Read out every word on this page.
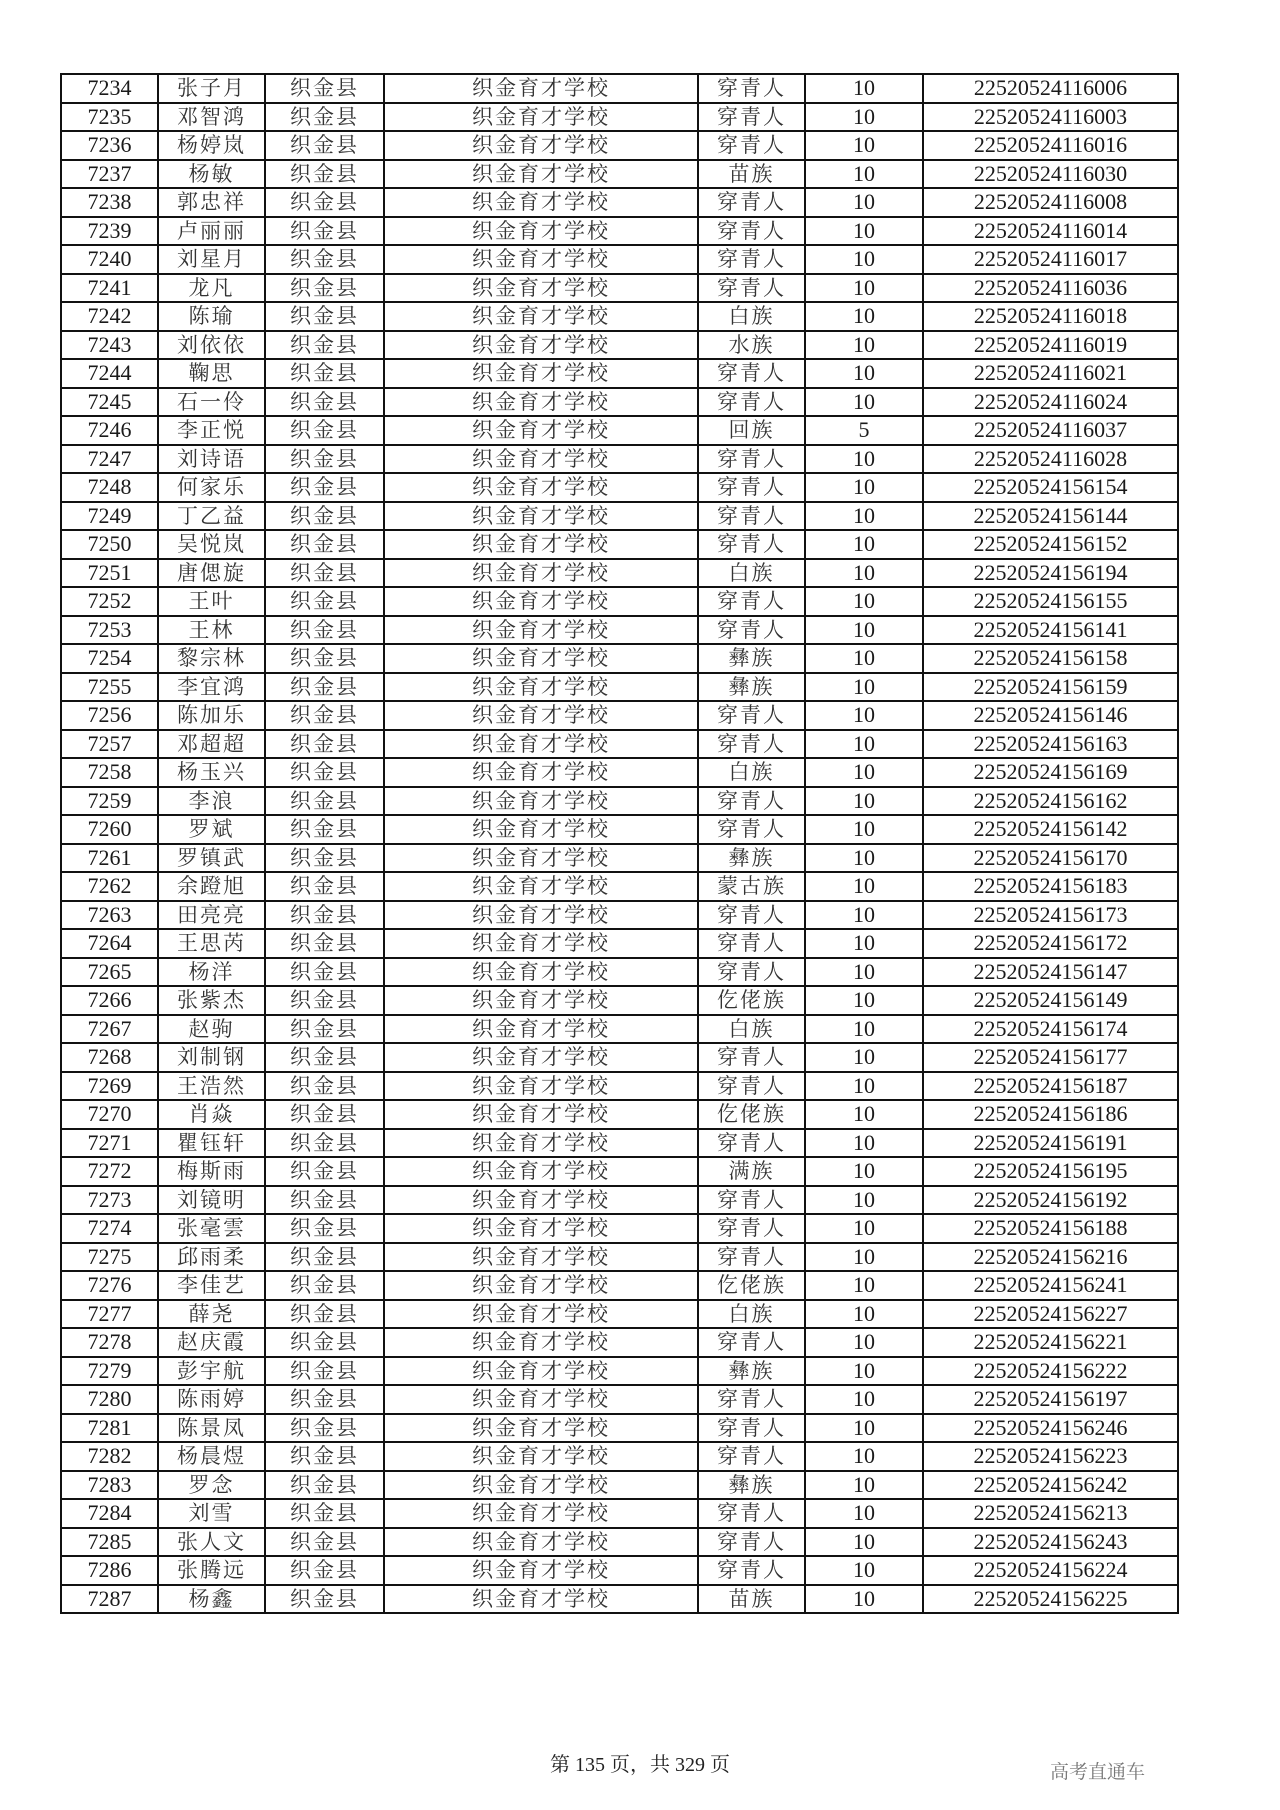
7234	张子月	织金县	织金育才学校	穿青人	10	22520524116006
7235	邓智鸿	织金县	织金育才学校	穿青人	10	22520524116003
7236	杨婷岚	织金县	织金育才学校	穿青人	10	22520524116016
7237	杨敏	织金县	织金育才学校	苗族	10	22520524116030
7238	郭忠祥	织金县	织金育才学校	穿青人	10	22520524116008
7239	卢丽丽	织金县	织金育才学校	穿青人	10	22520524116014
7240	刘星月	织金县	织金育才学校	穿青人	10	22520524116017
7241	龙凡	织金县	织金育才学校	穿青人	10	22520524116036
7242	陈瑜	织金县	织金育才学校	白族	10	22520524116018
7243	刘依依	织金县	织金育才学校	水族	10	22520524116019
7244	鞠思	织金县	织金育才学校	穿青人	10	22520524116021
7245	石一伶	织金县	织金育才学校	穿青人	10	22520524116024
7246	李正悦	织金县	织金育才学校	回族	5	22520524116037
7247	刘诗语	织金县	织金育才学校	穿青人	10	22520524116028
7248	何家乐	织金县	织金育才学校	穿青人	10	22520524156154
7249	丁乙益	织金县	织金育才学校	穿青人	10	22520524156144
7250	吴悦岚	织金县	织金育才学校	穿青人	10	22520524156152
7251	唐偲旋	织金县	织金育才学校	白族	10	22520524156194
7252	王叶	织金县	织金育才学校	穿青人	10	22520524156155
7253	王林	织金县	织金育才学校	穿青人	10	22520524156141
7254	黎宗林	织金县	织金育才学校	彝族	10	22520524156158
7255	李宜鸿	织金县	织金育才学校	彝族	10	22520524156159
7256	陈加乐	织金县	织金育才学校	穿青人	10	22520524156146
7257	邓超超	织金县	织金育才学校	穿青人	10	22520524156163
7258	杨玉兴	织金县	织金育才学校	白族	10	22520524156169
7259	李浪	织金县	织金育才学校	穿青人	10	22520524156162
7260	罗斌	织金县	织金育才学校	穿青人	10	22520524156142
7261	罗镇武	织金县	织金育才学校	彝族	10	22520524156170
7262	余蹬旭	织金县	织金育才学校	蒙古族	10	22520524156183
7263	田亮亮	织金县	织金育才学校	穿青人	10	22520524156173
7264	王思芮	织金县	织金育才学校	穿青人	10	22520524156172
7265	杨洋	织金县	织金育才学校	穿青人	10	22520524156147
7266	张紫杰	织金县	织金育才学校	仡佬族	10	22520524156149
7267	赵驹	织金县	织金育才学校	白族	10	22520524156174
7268	刘制钢	织金县	织金育才学校	穿青人	10	22520524156177
7269	王浩然	织金县	织金育才学校	穿青人	10	22520524156187
7270	肖焱	织金县	织金育才学校	仡佬族	10	22520524156186
7271	瞿钰轩	织金县	织金育才学校	穿青人	10	22520524156191
7272	梅斯雨	织金县	织金育才学校	满族	10	22520524156195
7273	刘镜明	织金县	织金育才学校	穿青人	10	22520524156192
7274	张毫雲	织金县	织金育才学校	穿青人	10	22520524156188
7275	邱雨柔	织金县	织金育才学校	穿青人	10	22520524156216
7276	李佳艺	织金县	织金育才学校	仡佬族	10	22520524156241
7277	薛尧	织金县	织金育才学校	白族	10	22520524156227
7278	赵庆霞	织金县	织金育才学校	穿青人	10	22520524156221
7279	彭宇航	织金县	织金育才学校	彝族	10	22520524156222
7280	陈雨婷	织金县	织金育才学校	穿青人	10	22520524156197
7281	陈景凤	织金县	织金育才学校	穿青人	10	22520524156246
7282	杨晨煜	织金县	织金育才学校	穿青人	10	22520524156223
7283	罗念	织金县	织金育才学校	彝族	10	22520524156242
7284	刘雪	织金县	织金育才学校	穿青人	10	22520524156213
7285	张人文	织金县	织金育才学校	穿青人	10	22520524156243
7286	张腾远	织金县	织金育才学校	穿青人	10	22520524156224
7287	杨鑫	织金县	织金育才学校	苗族	10	22520524156225
第 135 页，共 329 页	高考直通车
